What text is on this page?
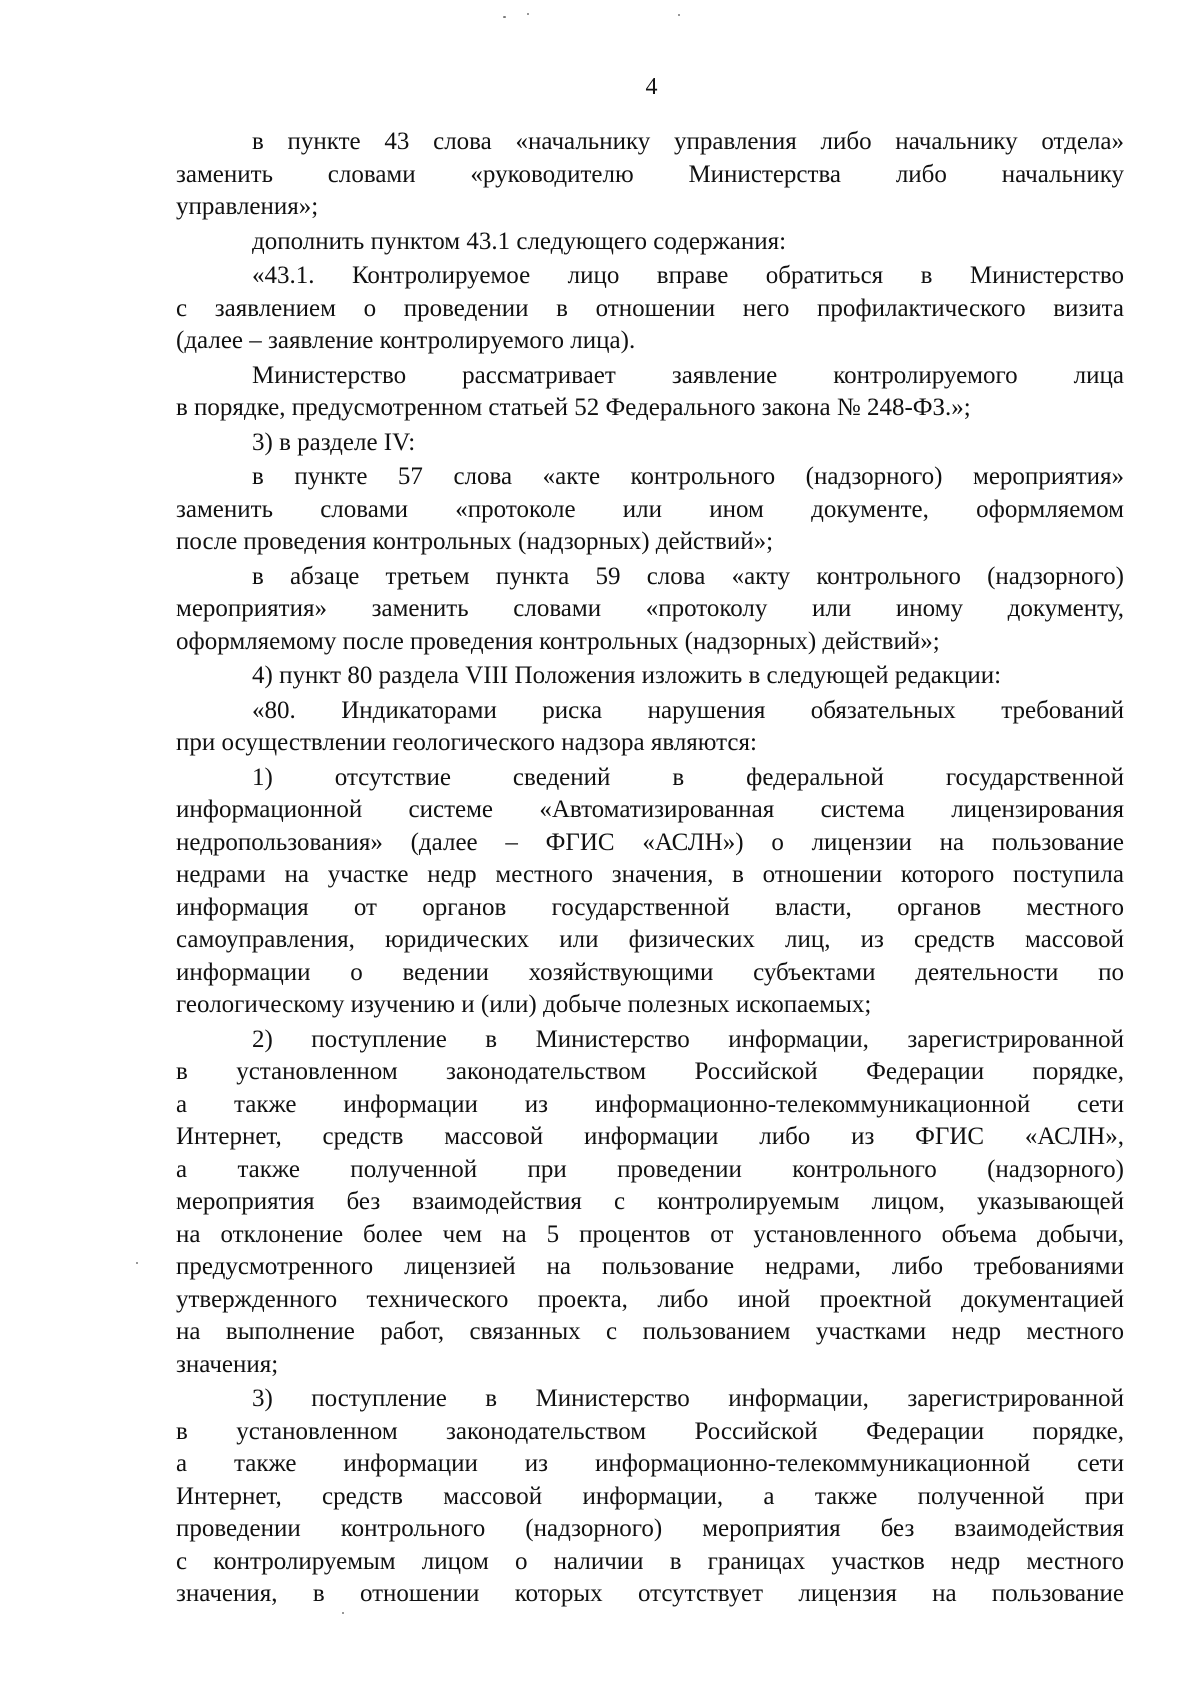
4
в пункте 43 слова «начальнику управления либо начальнику отдела»
заменить словами «руководителю Министерства либо начальнику
управления»;
дополнить пунктом 43.1 следующего содержания:
«43.1. Контролируемое лицо вправе обратиться в Министерство
с заявлением о проведении в отношении него профилактического визита
(далее – заявление контролируемого лица).
Министерство рассматривает заявление контролируемого лица
в порядке, предусмотренном статьей 52 Федерального закона № 248-ФЗ.»;
3) в разделе IV:
в пункте 57 слова «акте контрольного (надзорного) мероприятия»
заменить словами «протоколе или ином документе, оформляемом
после проведения контрольных (надзорных) действий»;
в абзаце третьем пункта 59 слова «акту контрольного (надзорного)
мероприятия» заменить словами «протоколу или иному документу,
оформляемому после проведения контрольных (надзорных) действий»;
4) пункт 80 раздела VIII Положения изложить в следующей редакции:
«80. Индикаторами риска нарушения обязательных требований
при осуществлении геологического надзора являются:
1) отсутствие сведений в федеральной государственной
информационной системе «Автоматизированная система лицензирования
недропользования» (далее – ФГИС «АСЛН») о лицензии на пользование
недрами на участке недр местного значения, в отношении которого поступила
информация от органов государственной власти, органов местного
самоуправления, юридических или физических лиц, из средств массовой
информации о ведении хозяйствующими субъектами деятельности по
геологическому изучению и (или) добыче полезных ископаемых;
2) поступление в Министерство информации, зарегистрированной
в установленном законодательством Российской Федерации порядке,
а также информации из информационно-телекоммуникационной сети
Интернет, средств массовой информации либо из ФГИС «АСЛН»,
а также полученной при проведении контрольного (надзорного)
мероприятия без взаимодействия с контролируемым лицом, указывающей
на отклонение более чем на 5 процентов от установленного объема добычи,
предусмотренного лицензией на пользование недрами, либо требованиями
утвержденного технического проекта, либо иной проектной документацией
на выполнение работ, связанных с пользованием участками недр местного
значения;
3) поступление в Министерство информации, зарегистрированной
в установленном законодательством Российской Федерации порядке,
а также информации из информационно-телекоммуникационной сети
Интернет, средств массовой информации, а также полученной при
проведении контрольного (надзорного) мероприятия без взаимодействия
с контролируемым лицом о наличии в границах участков недр местного
значения, в отношении которых отсутствует лицензия на пользование
